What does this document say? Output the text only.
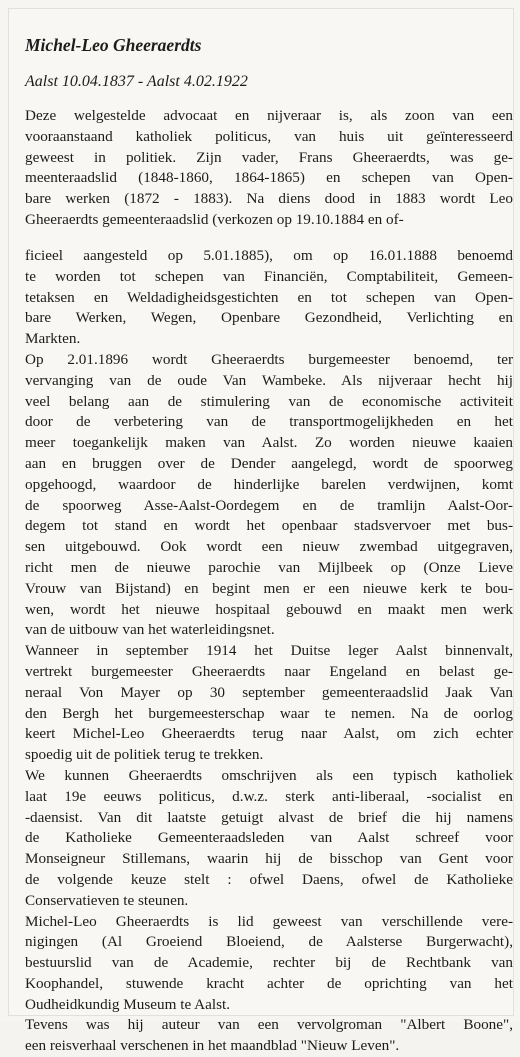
Michel-Leo Gheeraerdts
Aalst 10.04.1837 - Aalst 4.02.1922
Deze welgestelde advocaat en nijveraar is, als zoon van een
vooraanstaand katholiek politicus, van huis uit geïnteresseerd
geweest in politiek. Zijn vader, Frans Gheeraerdts, was ge-
meenteraadslid (1848-1860, 1864-1865) en schepen van Open-
bare werken (1872 - 1883). Na diens dood in 1883 wordt Leo
Gheeraerdts gemeenteraadslid (verkozen op 19.10.1884 en of-
ficieel aangesteld op 5.01.1885), om op 16.01.1888 benoemd
te worden tot schepen van Financiën, Comptabiliteit, Gemeen-
tetaksen en Weldadigheidsgestichten en tot schepen van Open-
bare Werken, Wegen, Openbare Gezondheid, Verlichting en
Markten.
Op 2.01.1896 wordt Gheeraerdts burgemeester benoemd, ter
vervanging van de oude Van Wambeke. Als nijveraar hecht hij
veel belang aan de stimulering van de economische activiteit
door de verbetering van de transportmogelijkheden en het
meer toegankelijk maken van Aalst. Zo worden nieuwe kaaien
aan en bruggen over de Dender aangelegd, wordt de spoorweg
opgehoogd, waardoor de hinderlijke barelen verdwijnen, komt
de spoorweg Asse-Aalst-Oordegem en de tramlijn Aalst-Oor-
degem tot stand en wordt het openbaar stadsvervoer met bus-
sen uitgebouwd. Ook wordt een nieuw zwembad uitgegraven,
richt men de nieuwe parochie van Mijlbeek op (Onze Lieve
Vrouw van Bijstand) en begint men er een nieuwe kerk te bou-
wen, wordt het nieuwe hospitaal gebouwd en maakt men werk
van de uitbouw van het waterleidingsnet.
Wanneer in september 1914 het Duitse leger Aalst binnenvalt,
vertrekt burgemeester Gheeraerdts naar Engeland en belast ge-
neraal Von Mayer op 30 september gemeenteraadslid Jaak Van
den Bergh het burgemeesterschap waar te nemen. Na de oorlog
keert Michel-Leo Gheeraerdts terug naar Aalst, om zich echter
spoedig uit de politiek terug te trekken.
We kunnen Gheeraerdts omschrijven als een typisch katholiek
laat 19e eeuws politicus, d.w.z. sterk anti-liberaal, -socialist en
-daensist. Van dit laatste getuigt alvast de brief die hij namens
de Katholieke Gemeenteraadsleden van Aalst schreef voor
Monseigneur Stillemans, waarin hij de bisschop van Gent voor
de volgende keuze stelt : ofwel Daens, ofwel de Katholieke
Conservatieven te steunen.
Michel-Leo Gheeraerdts is lid geweest van verschillende vere-
nigingen (Al Groeiend Bloeiend, de Aalsterse Burgerwacht),
bestuurslid van de Academie, rechter bij de Rechtbank van
Koophandel, stuwende kracht achter de oprichting van het
Oudheidkundig Museum te Aalst.
Tevens was hij auteur van een vervolgroman "Albert Boone",
een reisverhaal verschenen in het maandblad "Nieuw Leven".
